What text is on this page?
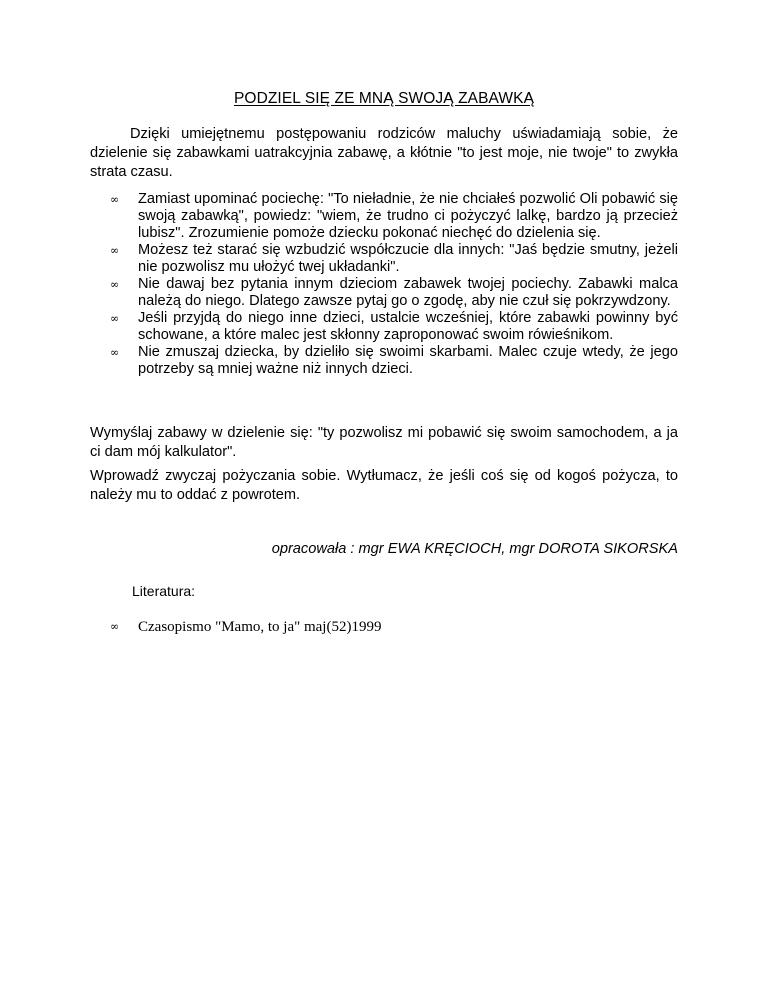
PODZIEL SIĘ ZE MNĄ SWOJĄ ZABAWKĄ

Dzięki umiejętnemu postępowaniu rodziców maluchy uświadamiają sobie, że dzielenie się zabawkami uatrakcyjnia zabawę, a kłótnie "to jest moje, nie twoje" to zwykła strata czasu.

∞ Zamiast upominać pociechę: "To nieładnie, że nie chciałeś pozwolić Oli pobawić się swoją zabawką", powiedz: "wiem, że trudno ci pożyczyć lalkę, bardzo ją przecież lubisz". Zrozumienie pomoże dziecku pokonać niechęć do dzielenia się.
∞ Możesz też starać się wzbudzić współczucie dla innych: "Jaś będzie smutny, jeżeli nie pozwolisz mu ułożyć twej układanki".
∞ Nie dawaj bez pytania innym dzieciom zabawek twojej pociechy. Zabawki malca należą do niego. Dlatego zawsze pytaj go o zgodę, aby nie czuł się pokrzywdzony.
∞ Jeśli przyjdą do niego inne dzieci, ustalcie wcześniej, które zabawki powinny być schowane, a które malec jest skłonny zaproponować swoim rówieśnikom.
∞ Nie zmuszaj dziecka, by dzieliło się swoimi skarbami. Malec czuje wtedy, że jego potrzeby są mniej ważne niż innych dzieci.

Wymyślaj zabawy w dzielenie się: "ty pozwolisz mi pobawić się swoim samochodem, a ja ci dam mój kalkulator".

Wprowadź zwyczaj pożyczania sobie. Wytłumacz, że jeśli coś się od kogoś pożycza, to należy mu to oddać z powrotem.

opracowała : mgr EWA KRĘCIOCH, mgr DOROTA SIKORSKA
Literatura:
∞ Czasopismo "Mamo, to ja" maj(52)1999
